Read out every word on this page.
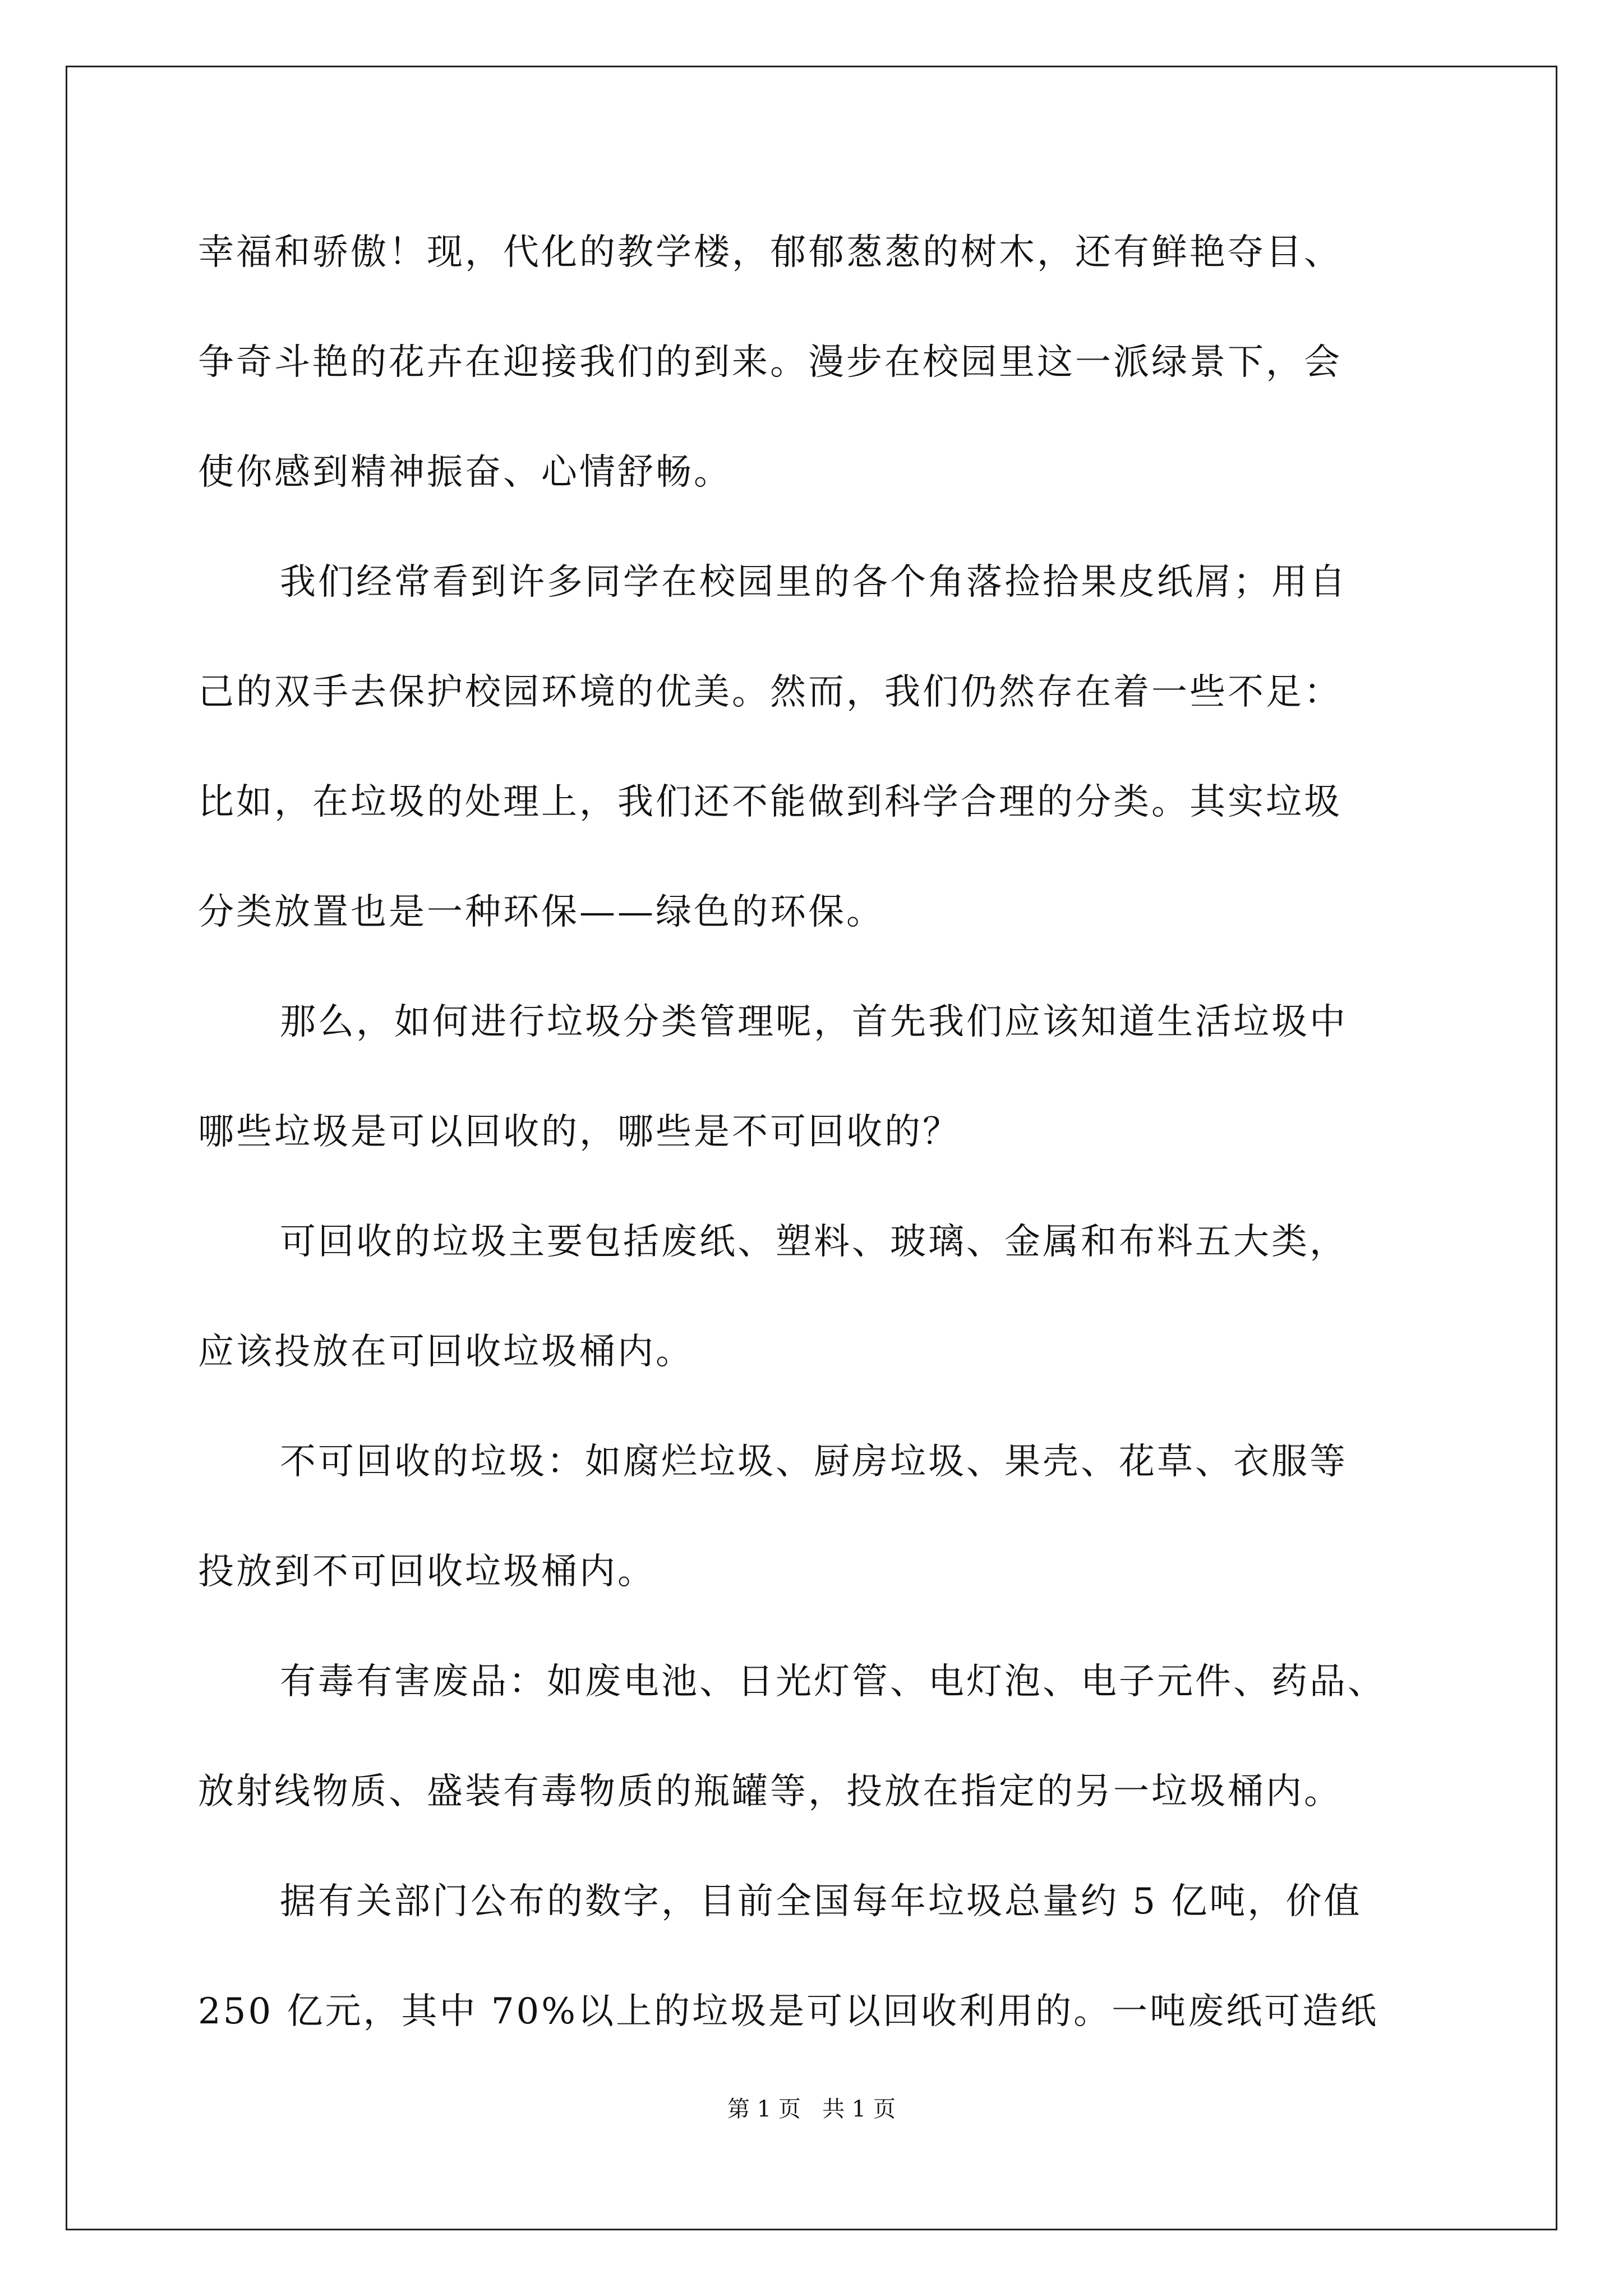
幸福和骄傲！现，代化的教学楼，郁郁葱葱的树木，还有鲜艳夺目、
争奇斗艳的花卉在迎接我们的到来。漫步在校园里这一派绿景下，会
使你感到精神振奋、心情舒畅。
我们经常看到许多同学在校园里的各个角落捡拾果皮纸屑；用自
己的双手去保护校园环境的优美。然而，我们仍然存在着一些不足：
比如，在垃圾的处理上，我们还不能做到科学合理的分类。其实垃圾
分类放置也是一种环保——绿色的环保。
那么，如何进行垃圾分类管理呢，首先我们应该知道生活垃圾中
哪些垃圾是可以回收的，哪些是不可回收的？
可回收的垃圾主要包括废纸、塑料、玻璃、金属和布料五大类，
应该投放在可回收垃圾桶内。
不可回收的垃圾：如腐烂垃圾、厨房垃圾、果壳、花草、衣服等
投放到不可回收垃圾桶内。
有毒有害废品：如废电池、日光灯管、电灯泡、电子元件、药品、
放射线物质、盛装有毒物质的瓶罐等，投放在指定的另一垃圾桶内。
据有关部门公布的数字，目前全国每年垃圾总量约 5 亿吨，价值
250 亿元，其中 70%以上的垃圾是可以回收利用的。一吨废纸可造纸
第 1 页   共 1 页
